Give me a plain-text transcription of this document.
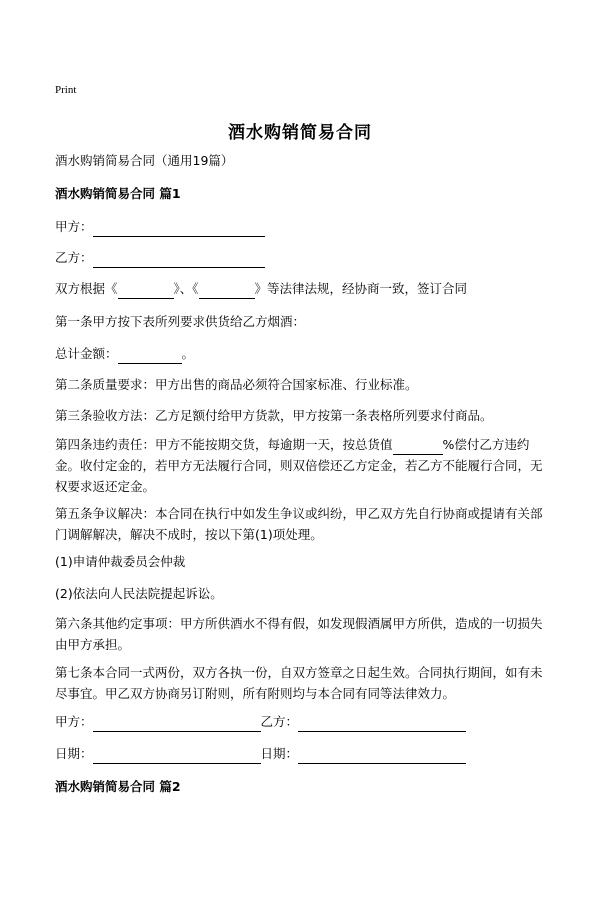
Print
酒水购销简易合同
酒水购销简易合同（通用19篇）
酒水购销简易合同 篇1
甲方：
乙方：
双方根据《	》、《	》等法律法规，经协商一致，签订合同
第一条甲方按下表所列要求供货给乙方烟酒：
总计金额：	。
第二条质量要求：甲方出售的商品必须符合国家标准、行业标准。
第三条验收方法：乙方足额付给甲方货款，甲方按第一条表格所列要求付商品。
第四条违约责任：甲方不能按期交货，每逾期一天，按总货值	%偿付乙方违约金。收付定金的，若甲方无法履行合同，则双倍偿还乙方定金，若乙方不能履行合同，无权要求返还定金。
第五条争议解决：本合同在执行中如发生争议或纠纷，甲乙双方先自行协商或提请有关部门调解解决，解决不成时，按以下第(1)项处理。
(1)申请仲裁委员会仲裁
(2)依法向人民法院提起诉讼。
第六条其他约定事项：甲方所供酒水不得有假，如发现假酒属甲方所供，造成的一切损失由甲方承担。
第七条本合同一式两份，双方各执一份，自双方签章之日起生效。合同执行期间，如有未尽事宜。甲乙双方协商另订附则，所有附则均与本合同有同等法律效力。
甲方：	乙方：
日期：	日期：
酒水购销简易合同 篇2
